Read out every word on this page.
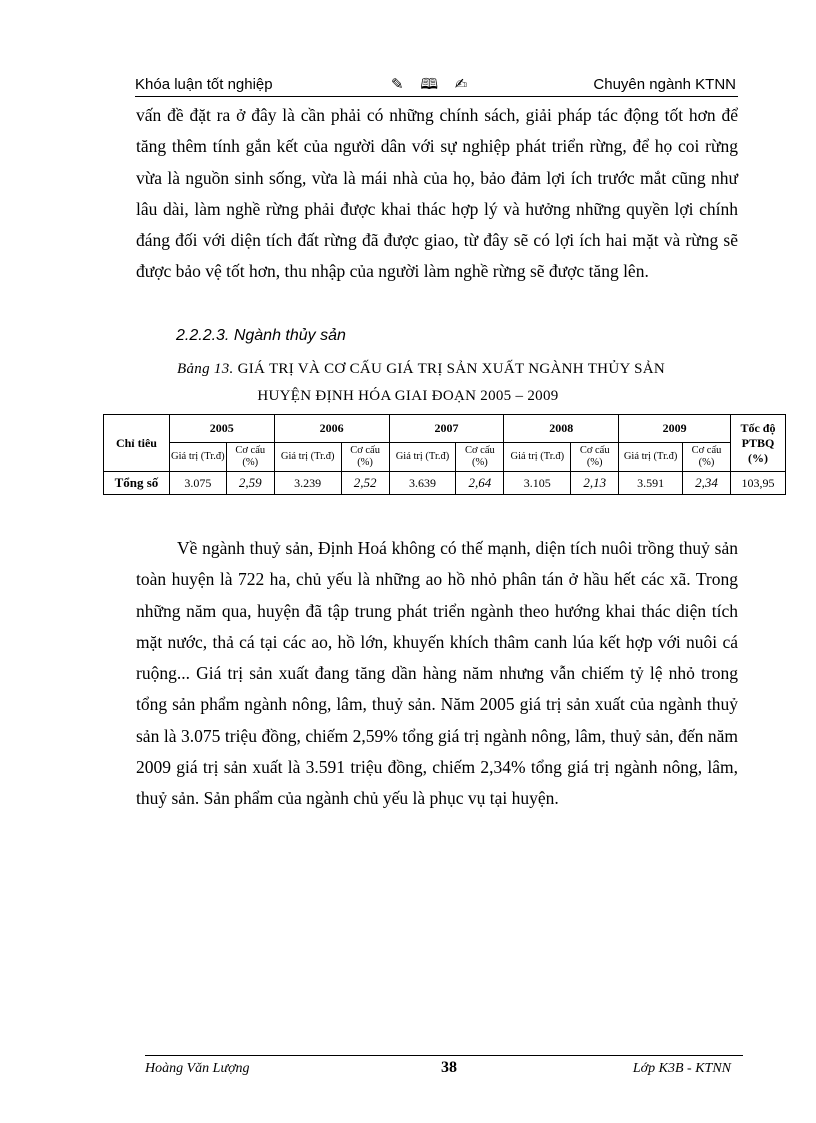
Khóa luận tốt nghiệp	✎ 🕮 ✍	Chuyên ngành KTNN

vấn đề đặt ra ở đây là cần phải có những chính sách, giải pháp tác động tốt hơn để tăng thêm tính gắn kết của người dân với sự nghiệp phát triển rừng, để họ coi rừng vừa là nguồn sinh sống, vừa là mái nhà của họ, bảo đảm lợi ích trước mắt cũng như lâu dài, làm nghề rừng phải được khai thác hợp lý và hưởng những quyền lợi chính đáng đối với diện tích đất rừng đã được giao, từ đây sẽ có lợi ích hai mặt và rừng sẽ được bảo vệ tốt hơn, thu nhập của người làm nghề rừng sẽ được tăng lên.

2.2.2.3. Ngành thủy sản
Bảng 13. GIÁ TRỊ VÀ CƠ CẤU GIÁ TRỊ SẢN XUẤT NGÀNH THỦY SẢN
HUYỆN ĐỊNH HÓA GIAI ĐOẠN 2005 – 2009
Chỉ tiêu	2005		2006		2007		2008		2009		Tốc độ PTBQ (%)
	Giá trị (Tr.đ)	Cơ cấu (%)	Giá trị (Tr.đ)	Cơ cấu (%)	Giá trị (Tr.đ)	Cơ cấu (%)	Giá trị (Tr.đ)	Cơ cấu (%)	Giá trị (Tr.đ)	Cơ cấu (%)	
Tổng số	3.075	2,59	3.239	2,52	3.639	2,64	3.105	2,13	3.591	2,34	103,95

Về ngành thuỷ sản, Định Hoá không có thế mạnh, diện tích nuôi trồng thuỷ sản toàn huyện là 722 ha, chủ yếu là những ao hồ nhỏ phân tán ở hầu hết các xã. Trong những năm qua, huyện đã tập trung phát triển ngành theo hướng khai thác diện tích mặt nước, thả cá tại các ao, hồ lớn, khuyến khích thâm canh lúa kết hợp với nuôi cá ruộng... Giá trị sản xuất đang tăng dần hàng năm nhưng vẫn chiếm tỷ lệ nhỏ trong tổng sản phẩm ngành nông, lâm, thuỷ sản. Năm 2005 giá trị sản xuất của ngành thuỷ sản là 3.075 triệu đồng, chiếm 2,59% tổng giá trị ngành nông, lâm, thuỷ sản, đến năm 2009 giá trị sản xuất là 3.591 triệu đồng, chiếm 2,34% tổng giá trị ngành nông, lâm, thuỷ sản. Sản phẩm của ngành chủ yếu là phục vụ tại huyện.

Hoàng Văn Lượng	38	Lớp K3B - KTNN
